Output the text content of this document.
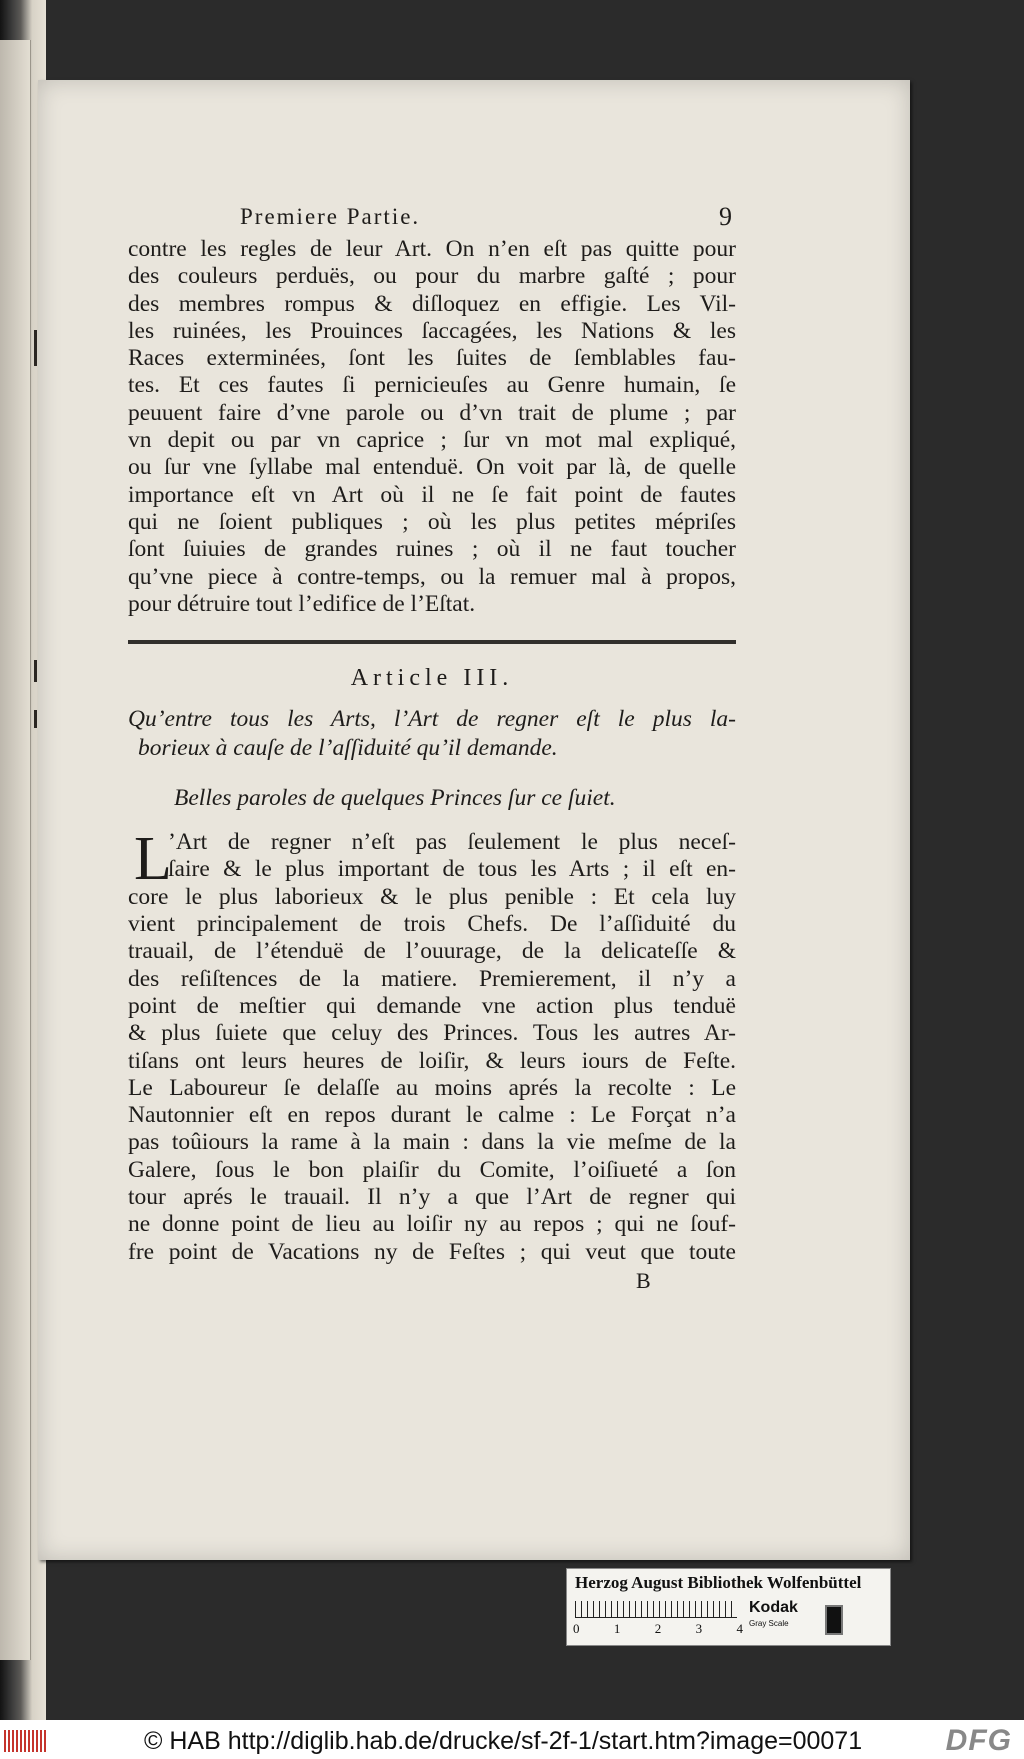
Premiere Partie.	9
contre les regles de leur Art. On n’en eſt pas quitte pour
des couleurs perduës, ou pour du marbre gaſté ; pour
des membres rompus & diſloquez en effigie. Les Vil-
les ruinées, les Prouinces ſaccagées, les Nations & les
Races exterminées, ſont les ſuites de ſemblables fau-
tes. Et ces fautes ſi pernicieuſes au Genre humain, ſe
peuuent faire d’vne parole ou d’vn trait de plume ; par
vn depit ou par vn caprice ; ſur vn mot mal expliqué,
ou ſur vne ſyllabe mal entenduë. On voit par là, de quelle
importance eſt vn Art où il ne ſe fait point de fautes
qui ne ſoient publiques ; où les plus petites mépriſes
ſont ſuiuies de grandes ruines ; où il ne faut toucher
qu’vne piece à contre-temps, ou la remuer mal à propos,
pour détruire tout l’edifice de l’Eſtat.
Article III.
Qu’entre tous les Arts, l’Art de regner eſt le plus la-
borieux à cauſe de l’aſſiduité qu’il demande.
Belles paroles de quelques Princes ſur ce ſuiet.
L
’Art de regner n’eſt pas ſeulement le plus neceſ-
ſaire & le plus important de tous les Arts ; il eſt en-
core le plus laborieux & le plus penible : Et cela luy
vient principalement de trois Chefs. De l’aſſiduité du
trauail, de l’étenduë de l’ouurage, de la delicateſſe &
des reſiſtences de la matiere. Premierement, il n’y a
point de meſtier qui demande vne action plus tenduë
& plus ſuiete que celuy des Princes. Tous les autres Ar-
tiſans ont leurs heures de loiſir, & leurs iours de Feſte.
Le Laboureur ſe delaſſe au moins aprés la recolte : Le
Nautonnier eſt en repos durant le calme : Le Forçat n’a
pas toûiours la rame à la main : dans la vie meſme de la
Galere, ſous le bon plaiſir du Comite, l’oiſiueté a ſon
tour aprés le trauail. Il n’y a que l’Art de regner qui
ne donne point de lieu au loiſir ny au repos ; qui ne ſouf-
fre point de Vacations ny de Feſtes ; qui veut que toute
B
Herzog August Bibliothek Wolfenbüttel
0	1	2	3	4
Kodak
Gray Scale
© HAB http://diglib.hab.de/drucke/sf-2f-1/start.htm?image=00071	DFG
